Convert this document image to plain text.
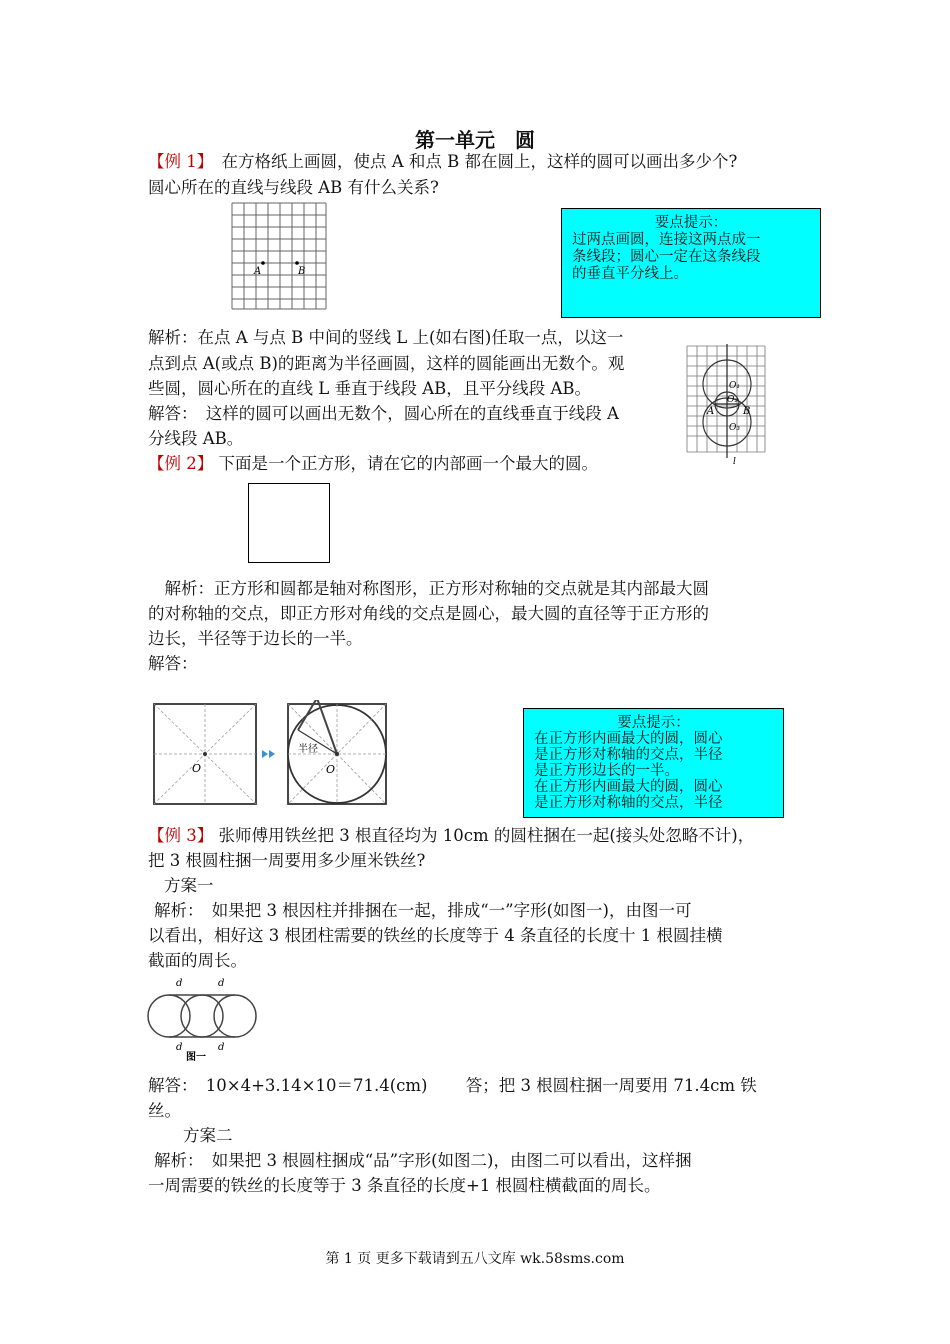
第一单元　圆
【例 1】　在方格纸上画圆，使点 A 和点 B 都在圆上，这样的圆可以画出多少个?
圆心所在的直线与线段 AB 有什么关系?
A	B
要点提示：
过两点画圆，连接这两点成一
条线段；圆心一定在这条线段
的垂直平分线上。
解析：在点 A 与点 B 中间的竖线 L 上(如右图)任取一点，以这一
点到点 A(或点 B)的距离为半径画圆，这样的圆能画出无数个。观
些圆，圆心所在的直线 L 垂直于线段 AB，且平分线段 AB。
解答：　这样的圆可以画出无数个，圆心所在的直线垂直于线段 A
分线段 AB。
O₁
O₂
O₃
A	B
l
【例 2】 下面是一个正方形，请在它的内部画一个最大的圆。
　解析：正方形和圆都是轴对称图形，正方形对称轴的交点就是其内部最大圆
的对称轴的交点，即正方形对角线的交点是圆心，最大圆的直径等于正方形的
边长，半径等于边长的一半。
解答：
O
半径
O
要点提示：
在正方形内画最大的圆，圆心
是正方形对称轴的交点，半径
是正方形边长的一半。
在正方形内画最大的圆，圆心
是正方形对称轴的交点，半径
【例 3】 张师傅用铁丝把 3 根直径均为 10cm 的圆柱捆在一起(接头处忽略不计)，
把 3 根圆柱捆一周要用多少厘米铁丝?
方案一
解析：　如果把 3 根因柱并排捆在一起，排成“一”字形(如图一)，由图一可
以看出，相好这 3 根团柱需要的铁丝的长度等于 4 条直径的长度十 1 根圆挂横
截面的周长。
d	d
d	d
图一
解答：　10×4+3.14×10＝71.4(cm)　　 答；把 3 根圆柱捆一周要用 71.4cm 铁
丝。
方案二
解析：　如果把 3 根圆柱捆成“品”字形(如图二)，由图二可以看出，这样捆
一周需要的铁丝的长度等于 3 条直径的长度+1 根圆柱横截面的周长。
第 1 页 更多下载请到五八文库 wk.58sms.com
